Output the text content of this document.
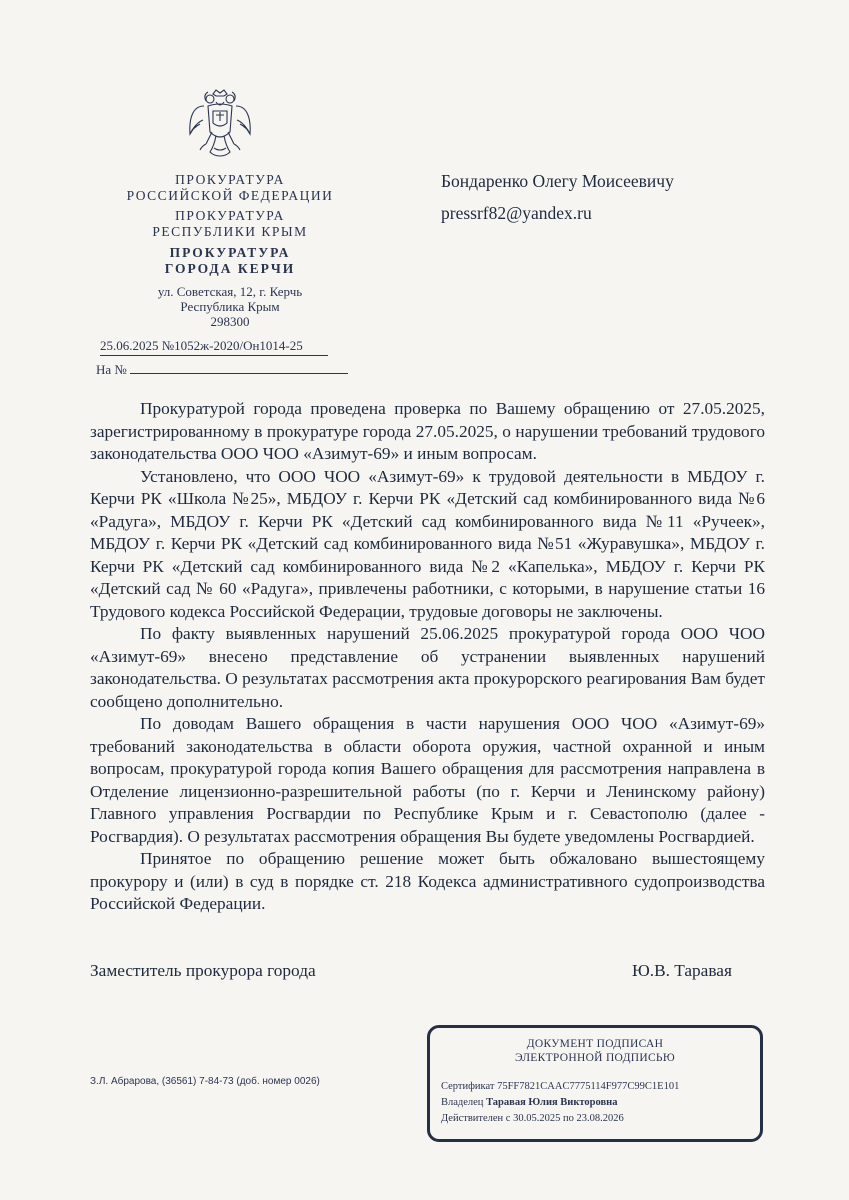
ПРОКУРАТУРА
РОССИЙСКОЙ ФЕДЕРАЦИИ
ПРОКУРАТУРА
РЕСПУБЛИКИ КРЫМ
ПРОКУРАТУРА
ГОРОДА КЕРЧИ
ул. Советская, 12, г. Керчь
Республика Крым
298300
25.06.2025 №1052ж-2020/Он1014-25
На №
Бондаренко Олегу Моисеевичу
pressrf82@yandex.ru

Прокуратурой города проведена проверка по Вашему обращению от 27.05.2025, зарегистрированному в прокуратуре города 27.05.2025, о нарушении требований трудового законодательства ООО ЧОО «Азимут-69» и иным вопросам.

Установлено, что ООО ЧОО «Азимут-69» к трудовой деятельности в МБДОУ г. Керчи РК «Школа №25», МБДОУ г. Керчи РК «Детский сад комбинированного вида №6 «Радуга», МБДОУ г. Керчи РК «Детский сад комбинированного вида №11 «Ручеек», МБДОУ г. Керчи РК «Детский сад комбинированного вида №51 «Журавушка», МБДОУ г. Керчи РК «Детский сад комбинированного вида №2 «Капелька», МБДОУ г. Керчи РК «Детский сад № 60 «Радуга», привлечены работники, с которыми, в нарушение статьи 16 Трудового кодекса Российской Федерации, трудовые договоры не заключены.

По факту выявленных нарушений 25.06.2025 прокуратурой города ООО ЧОО «Азимут-69» внесено представление об устранении выявленных нарушений законодательства. О результатах рассмотрения акта прокурорского реагирования Вам будет сообщено дополнительно.

По доводам Вашего обращения в части нарушения ООО ЧОО «Азимут-69» требований законодательства в области оборота оружия, частной охранной и иным вопросам, прокуратурой города копия Вашего обращения для рассмотрения направлена в Отделение лицензионно-разрешительной работы (по г. Керчи и Ленинскому району) Главного управления Росгвардии по Республике Крым и г. Севастополю (далее - Росгвардия). О результатах рассмотрения обращения Вы будете уведомлены Росгвардией.

Принятое по обращению решение может быть обжаловано вышестоящему прокурору и (или) в суд в порядке ст. 218 Кодекса административного судопроизводства Российской Федерации.

Заместитель прокурора города	Ю.В. Таравая
З.Л. Абрарова, (36561) 7-84-73 (доб. номер 0026)
ДОКУМЕНТ ПОДПИСАН
ЭЛЕКТРОННОЙ ПОДПИСЬЮ
Сертификат 75FF7821CAAC7775114F977C99C1E101
Владелец Таравая Юлия Викторовна
Действителен с 30.05.2025 по 23.08.2026
